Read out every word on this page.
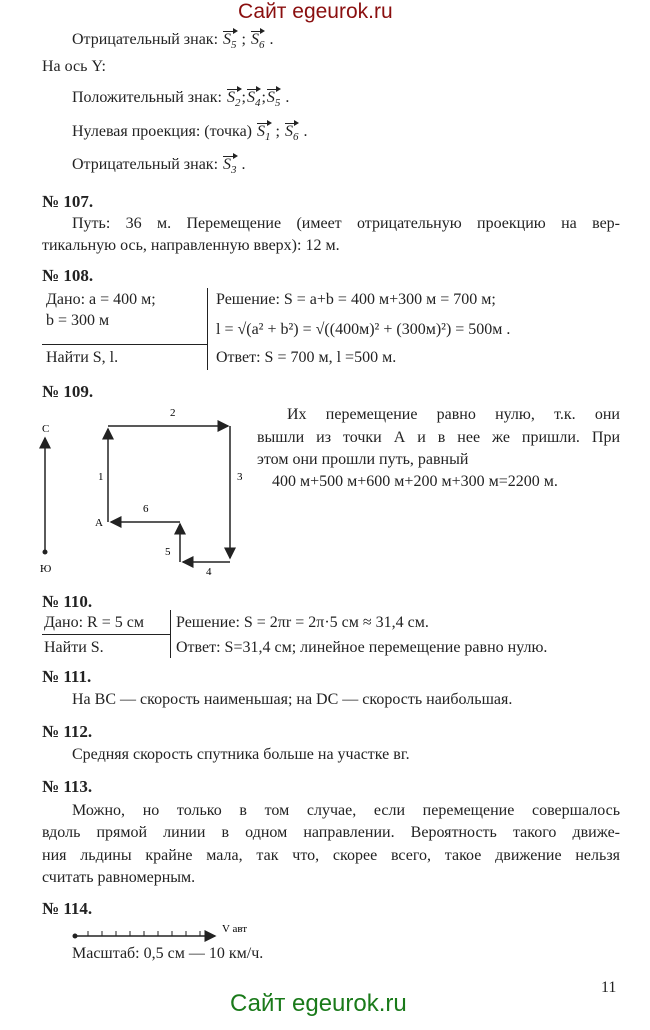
Сайт egeurok.ru
Отрицательный знак: $S_5$ ; $S_6$ .
На ось Y:
Положительный знак: $S_2;S_4;S_5$ .
Нулевая проекция: (точка) $S_1$ ; $S_6$ .
Отрицательный знак: $S_3$ .
№ 107.
Путь: 36 м. Перемещение (имеет отрицательную проекцию на вер-
тикальную ось, направленную вверх): 12 м.
№ 108.
Дано: a = 400 м;
b = 300 м
Найти S, l.
Решение: S = a+b = 400 м+300 м = 700 м;
l = √(a² + b²) = √((400м)² + (300м)²) = 500м .
Ответ: S = 700 м, l =500 м.
№ 109.
С
Ю
1
2
3
4
5
6
А
Их перемещение равно нулю, т.к. они
вышли из точки А и в нее же пришли. При
этом они прошли путь, равный
400 м+500 м+600 м+200 м+300 м=2200 м.
№ 110.
Дано: R = 5 см
Найти S.
Решение: S = 2πr = 2π·5 см ≈ 31,4 см.
Ответ: S=31,4 см; линейное перемещение равно нулю.
№ 111.
На BC — скорость наименьшая; на DC — скорость наибольшая.
№ 112.
Средняя скорость спутника больше на участке вг.
№ 113.
Можно, но только в том случае, если перемещение совершалось
вдоль прямой линии в одном направлении. Вероятность такого движе-
ния льдины крайне мала, так что, скорее всего, такое движение нельзя
считать равномерным.
№ 114.
V авт
Масштаб: 0,5 см — 10 км/ч.
11
Сайт egeurok.ru
